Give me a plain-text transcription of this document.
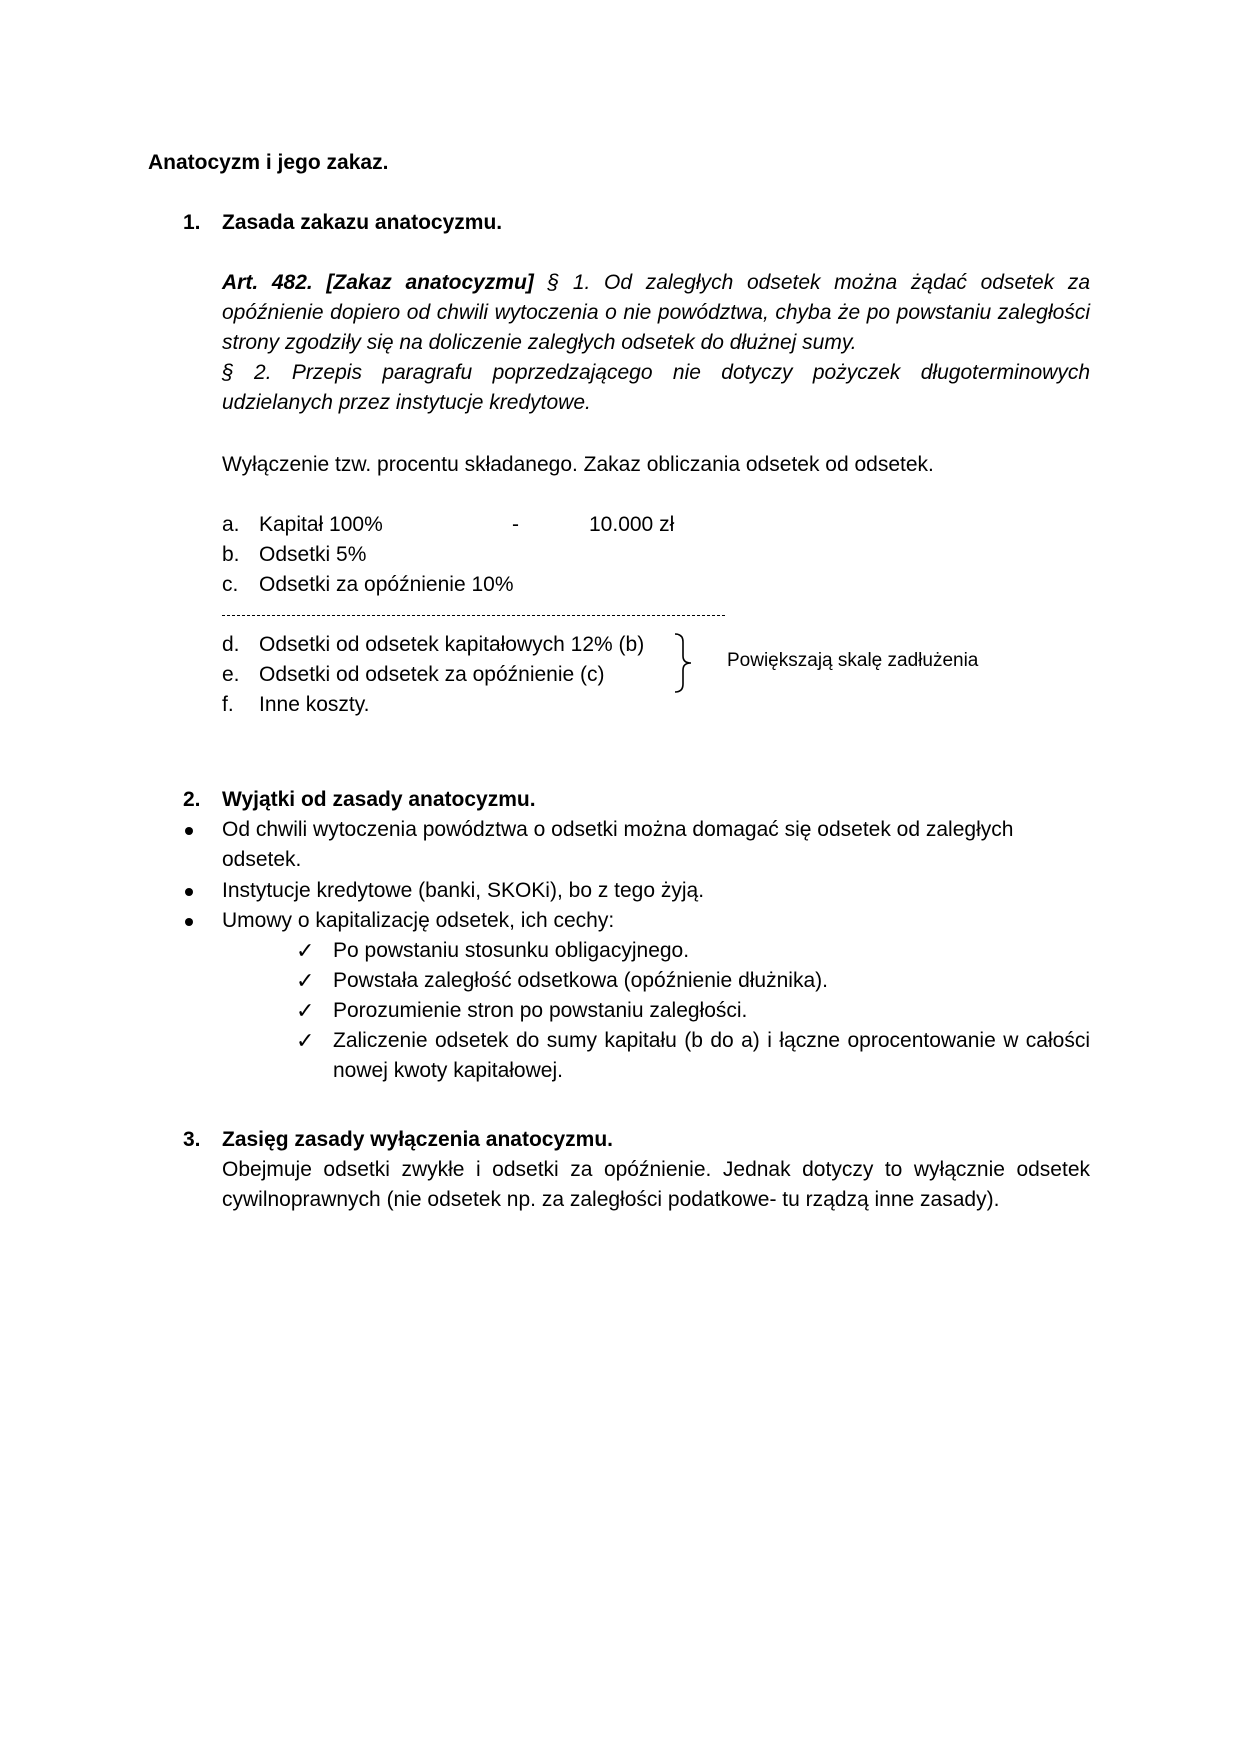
Anatocyzm i jego zakaz.
1. Zasada zakazu anatocyzmu.
Art. 482. [Zakaz anatocyzmu] § 1. Od zaległych odsetek można żądać odsetek za opóźnienie dopiero od chwili wytoczenia o nie powództwa, chyba że po powstaniu zaległości strony zgodziły się na doliczenie zaległych odsetek do dłużnej sumy.
§ 2. Przepis paragrafu poprzedzającego nie dotyczy pożyczek długoterminowych udzielanych przez instytucje kredytowe.
Wyłączenie tzw. procentu składanego. Zakaz obliczania odsetek od odsetek.
a. Kapitał 100%	-	10.000 zł
b. Odsetki 5%
c. Odsetki za opóźnienie 10%
d. Odsetki od odsetek kapitałowych 12% (b)
e. Odsetki od odsetek za opóźnienie (c)
f. Inne koszty.
Powiększają skalę zadłużenia
2. Wyjątki od zasady anatocyzmu.
Od chwili wytoczenia powództwa o odsetki można domagać się odsetek od zaległych odsetek.
Instytucje kredytowe (banki, SKOKi), bo z tego żyją.
Umowy o kapitalizację odsetek, ich cechy:
✓ Po powstaniu stosunku obligacyjnego.
✓ Powstała zaległość odsetkowa (opóźnienie dłużnika).
✓ Porozumienie stron po powstaniu zaległości.
✓ Zaliczenie odsetek do sumy kapitału (b do a) i łączne oprocentowanie w całości nowej kwoty kapitałowej.
3. Zasięg zasady wyłączenia anatocyzmu.
Obejmuje odsetki zwykłe i odsetki za opóźnienie. Jednak dotyczy to wyłącznie odsetek cywilnoprawnych (nie odsetek np. za zaległości podatkowe- tu rządzą inne zasady).
